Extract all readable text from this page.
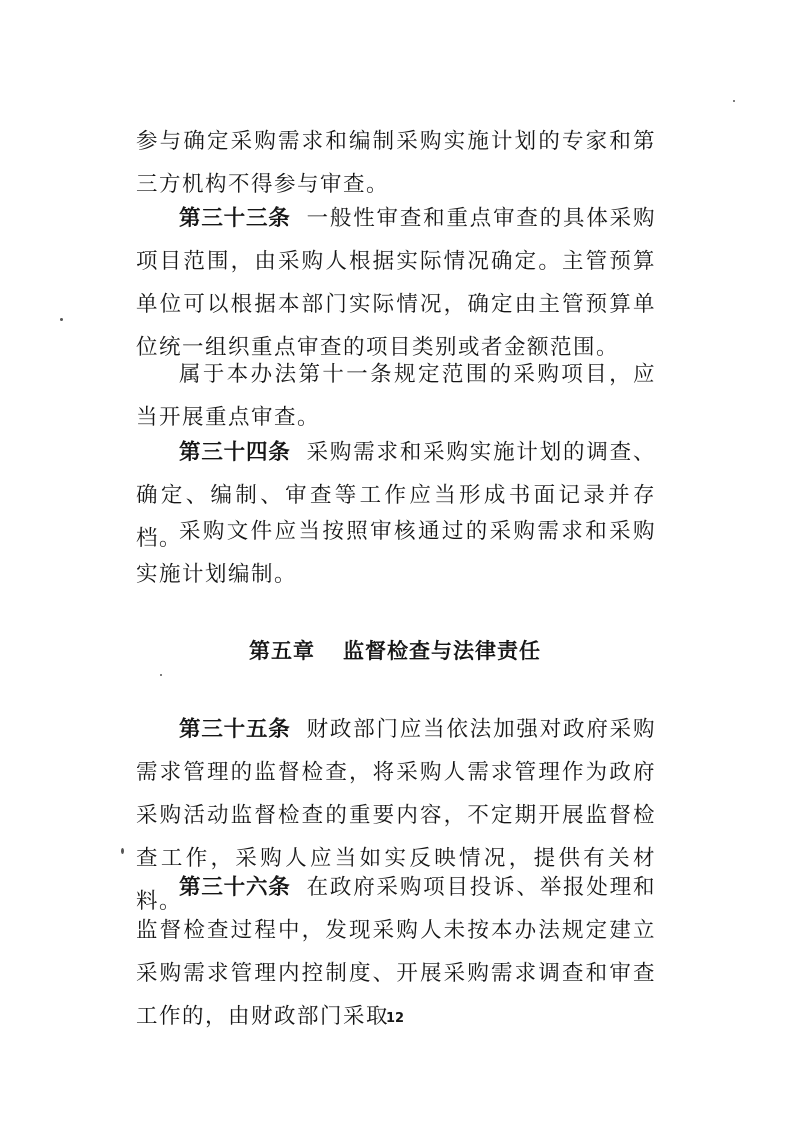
参与确定采购需求和编制采购实施计划的专家和第三方机构不得参与审查。

第三十三条 一般性审查和重点审查的具体采购项目范围，由采购人根据实际情况确定。主管预算单位可以根据本部门实际情况，确定由主管预算单位统一组织重点审查的项目类别或者金额范围。

属于本办法第十一条规定范围的采购项目，应当开展重点审查。

第三十四条 采购需求和采购实施计划的调查、确定、编制、审查等工作应当形成书面记录并存档。

采购文件应当按照审核通过的采购需求和采购实施计划编制。

第五章 监督检查与法律责任

第三十五条 财政部门应当依法加强对政府采购需求管理的监督检查，将采购人需求管理作为政府采购活动监督检查的重要内容，不定期开展监督检查工作，采购人应当如实反映情况，提供有关材料。

第三十六条 在政府采购项目投诉、举报处理和监督检查过程中，发现采购人未按本办法规定建立采购需求管理内控制度、开展采购需求调查和审查工作的，由财政部门采取

12
